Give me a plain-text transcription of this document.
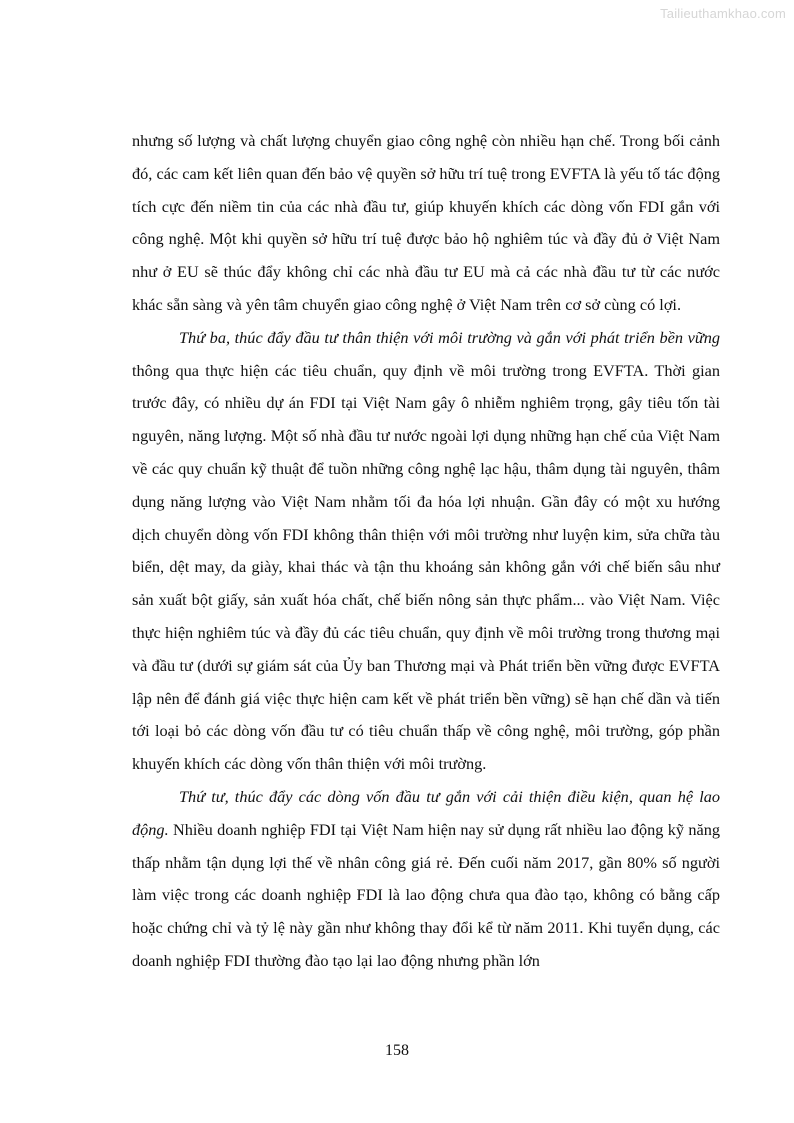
Tailieuthamkhao.com

nhưng số lượng và chất lượng chuyển giao công nghệ còn nhiều hạn chế. Trong bối cảnh đó, các cam kết liên quan đến bảo vệ quyền sở hữu trí tuệ trong EVFTA là yếu tố tác động tích cực đến niềm tin của các nhà đầu tư, giúp khuyến khích các dòng vốn FDI gắn với công nghệ. Một khi quyền sở hữu trí tuệ được bảo hộ nghiêm túc và đầy đủ ở Việt Nam như ở EU sẽ thúc đẩy không chỉ các nhà đầu tư EU mà cả các nhà đầu tư từ các nước khác sẵn sàng và yên tâm chuyển giao công nghệ ở Việt Nam trên cơ sở cùng có lợi.

Thứ ba, thúc đẩy đầu tư thân thiện với môi trường và gắn với phát triển bền vững thông qua thực hiện các tiêu chuẩn, quy định về môi trường trong EVFTA. Thời gian trước đây, có nhiều dự án FDI tại Việt Nam gây ô nhiễm nghiêm trọng, gây tiêu tốn tài nguyên, năng lượng. Một số nhà đầu tư nước ngoài lợi dụng những hạn chế của Việt Nam về các quy chuẩn kỹ thuật để tuồn những công nghệ lạc hậu, thâm dụng tài nguyên, thâm dụng năng lượng vào Việt Nam nhằm tối đa hóa lợi nhuận. Gần đây có một xu hướng dịch chuyển dòng vốn FDI không thân thiện với môi trường như luyện kim, sửa chữa tàu biển, dệt may, da giày, khai thác và tận thu khoáng sản không gắn với chế biến sâu như sản xuất bột giấy, sản xuất hóa chất, chế biến nông sản thực phẩm... vào Việt Nam. Việc thực hiện nghiêm túc và đầy đủ các tiêu chuẩn, quy định về môi trường trong thương mại và đầu tư (dưới sự giám sát của Ủy ban Thương mại và Phát triển bền vững được EVFTA lập nên để đánh giá việc thực hiện cam kết về phát triển bền vững) sẽ hạn chế dần và tiến tới loại bỏ các dòng vốn đầu tư có tiêu chuẩn thấp về công nghệ, môi trường, góp phần khuyến khích các dòng vốn thân thiện với môi trường.

Thứ tư, thúc đẩy các dòng vốn đầu tư gắn với cải thiện điều kiện, quan hệ lao động. Nhiều doanh nghiệp FDI tại Việt Nam hiện nay sử dụng rất nhiều lao động kỹ năng thấp nhằm tận dụng lợi thế về nhân công giá rẻ. Đến cuối năm 2017, gần 80% số người làm việc trong các doanh nghiệp FDI là lao động chưa qua đào tạo, không có bằng cấp hoặc chứng chỉ và tỷ lệ này gần như không thay đổi kể từ năm 2011. Khi tuyển dụng, các doanh nghiệp FDI thường đào tạo lại lao động nhưng phần lớn

158
